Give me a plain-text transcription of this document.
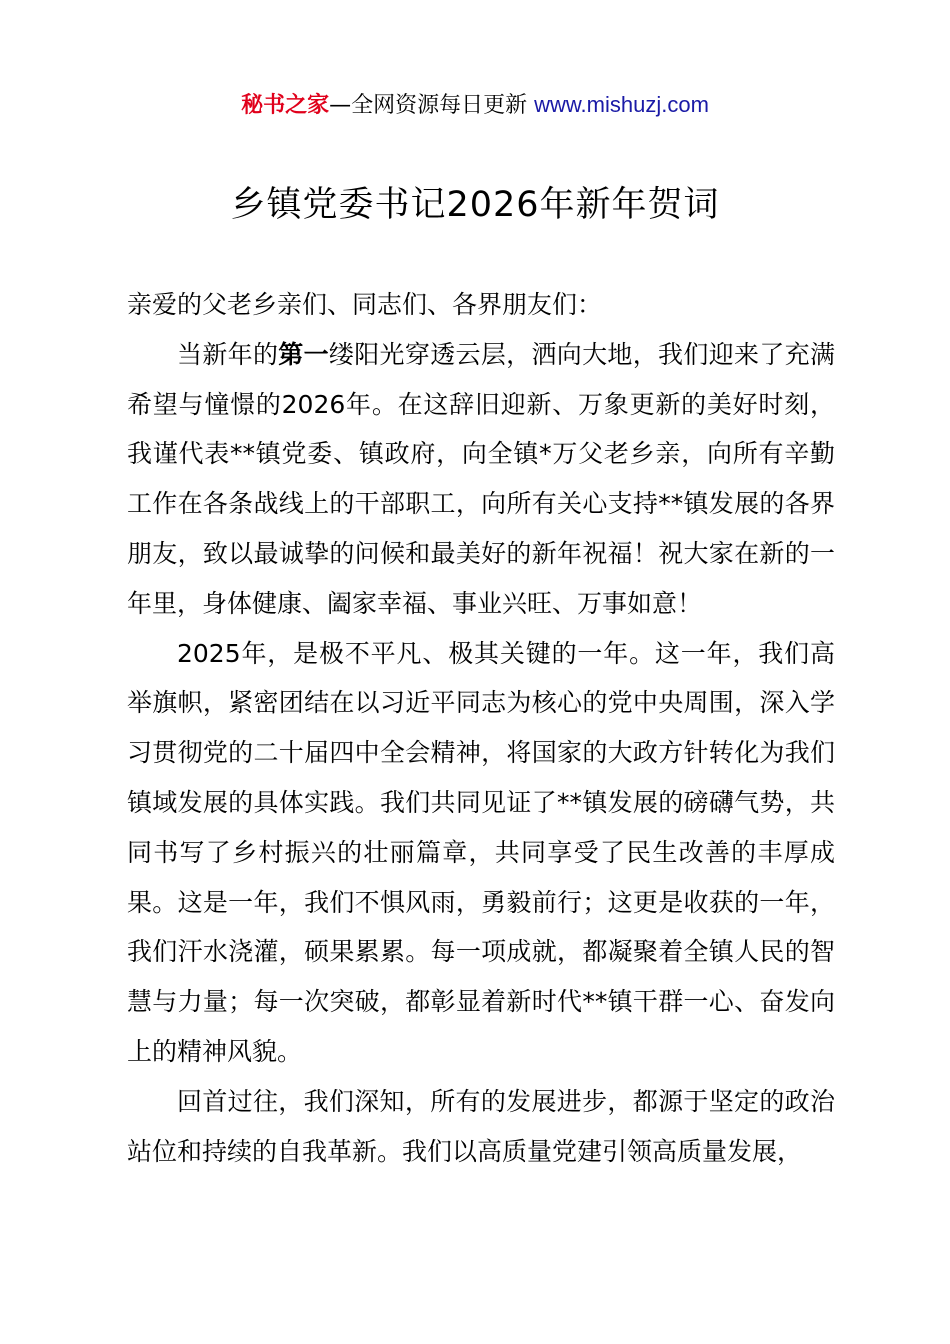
秘书之家—全网资源每日更新 www.mishuzj.com
乡镇党委书记2026年新年贺词

亲爱的父老乡亲们、同志们、各界朋友们：

当新年的第一缕阳光穿透云层，洒向大地，我们迎来了充满希望与憧憬的2026年。在这辞旧迎新、万象更新的美好时刻，我谨代表**镇党委、镇政府，向全镇*万父老乡亲，向所有辛勤工作在各条战线上的干部职工，向所有关心支持**镇发展的各界朋友，致以最诚挚的问候和最美好的新年祝福！祝大家在新的一年里，身体健康、阖家幸福、事业兴旺、万事如意！

2025年，是极不平凡、极其关键的一年。这一年，我们高举旗帜，紧密团结在以习近平同志为核心的党中央周围，深入学习贯彻党的二十届四中全会精神，将国家的大政方针转化为我们镇域发展的具体实践。我们共同见证了**镇发展的磅礴气势，共同书写了乡村振兴的壮丽篇章，共同享受了民生改善的丰厚成果。这是一年，我们不惧风雨，勇毅前行；这更是收获的一年，我们汗水浇灌，硕果累累。每一项成就，都凝聚着全镇人民的智慧与力量；每一次突破，都彰显着新时代**镇干群一心、奋发向上的精神风貌。

回首过往，我们深知，所有的发展进步，都源于坚定的政治站位和持续的自我革新。我们以高质量党建引领高质量发展，
